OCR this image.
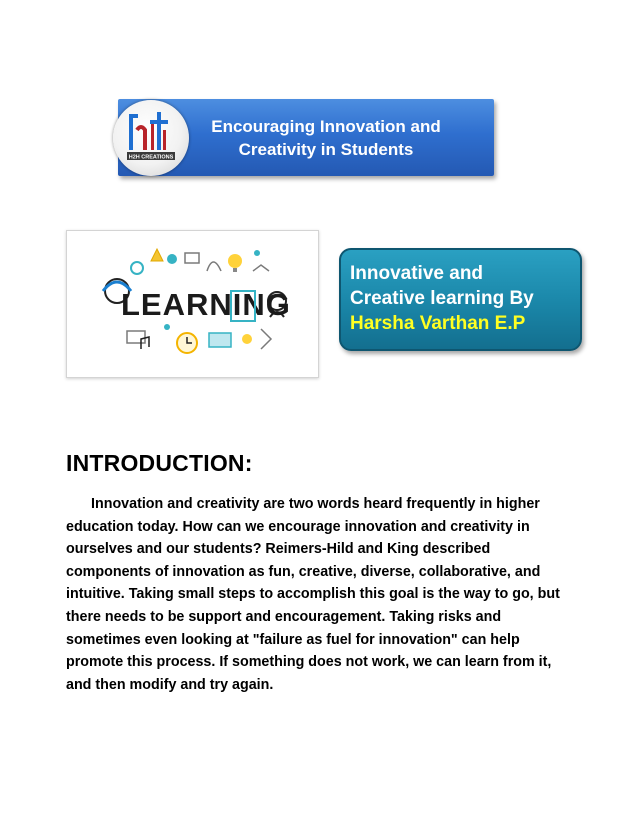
Encouraging Innovation and Creativity in Students
H2H CREATIONS
LEARNING
Innovative and
Creative learning By
Harsha Varthan E.P
INTRODUCTION:

Innovation and creativity are two words heard frequently in higher education today. How can we encourage innovation and creativity in ourselves and our students? Reimers-Hild and King described components of innovation as fun, creative, diverse, collaborative, and intuitive. Taking small steps to accomplish this goal is the way to go, but there needs to be support and encouragement. Taking risks and sometimes even looking at "failure as fuel for innovation" can help promote this process. If something does not work, we can learn from it, and then modify and try again.
